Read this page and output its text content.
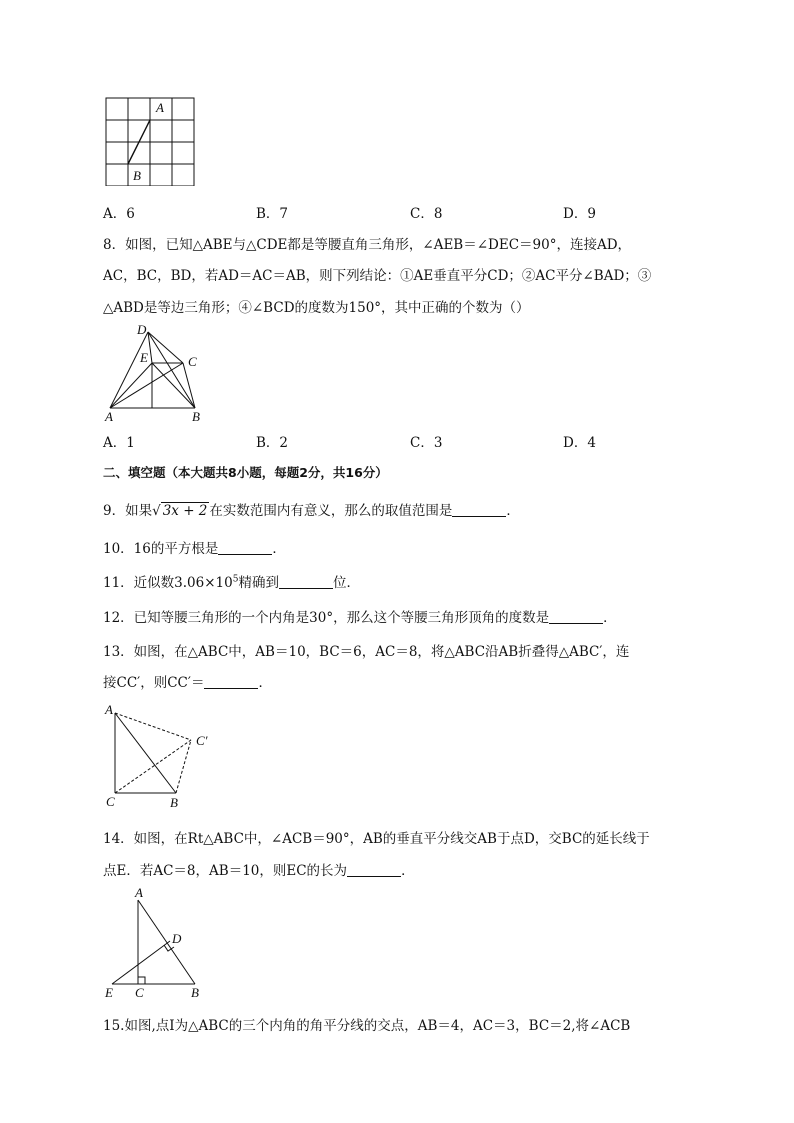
A
B
A．6	B．7	C．8	D．9
8．如图，已知△ABE与△CDE都是等腰直角三角形，∠AEB＝∠DEC＝90°，连接AD，
AC，BC，BD，若AD＝AC＝AB，则下列结论：①AE垂直平分CD；②AC平分∠BAD；③
△ABD是等边三角形；④∠BCD的度数为150°，其中正确的个数为（）
D
E	C
A	B
A．1	B．2	C．3	D．4
二、填空题（本大题共8小题，每题2分，共16分）
9．如果√ 3x + 2 在实数范围内有意义，那么的取值范围是	．
10．16的平方根是	．
11．近似数$3.06\times 10^5$精确到	位．
12．已知等腰三角形的一个内角是30°，那么这个等腰三角形顶角的度数是	．
13．如图，在△ABC中，AB＝10，BC＝6，AC＝8，将△ABC沿AB折叠得△ABC′，连
接CC′，则CC′＝	．
A
C′
C	B
14．如图，在Rt△ABC中，∠ACB＝90°，AB的垂直平分线交AB于点D，交BC的延长线于
点E．若AC＝8，AB＝10，则EC的长为	．
A
D
E C	B
15.如图,点I为△ABC的三个内角的角平分线的交点，AB＝4，AC＝3，BC＝2,将∠ACB
